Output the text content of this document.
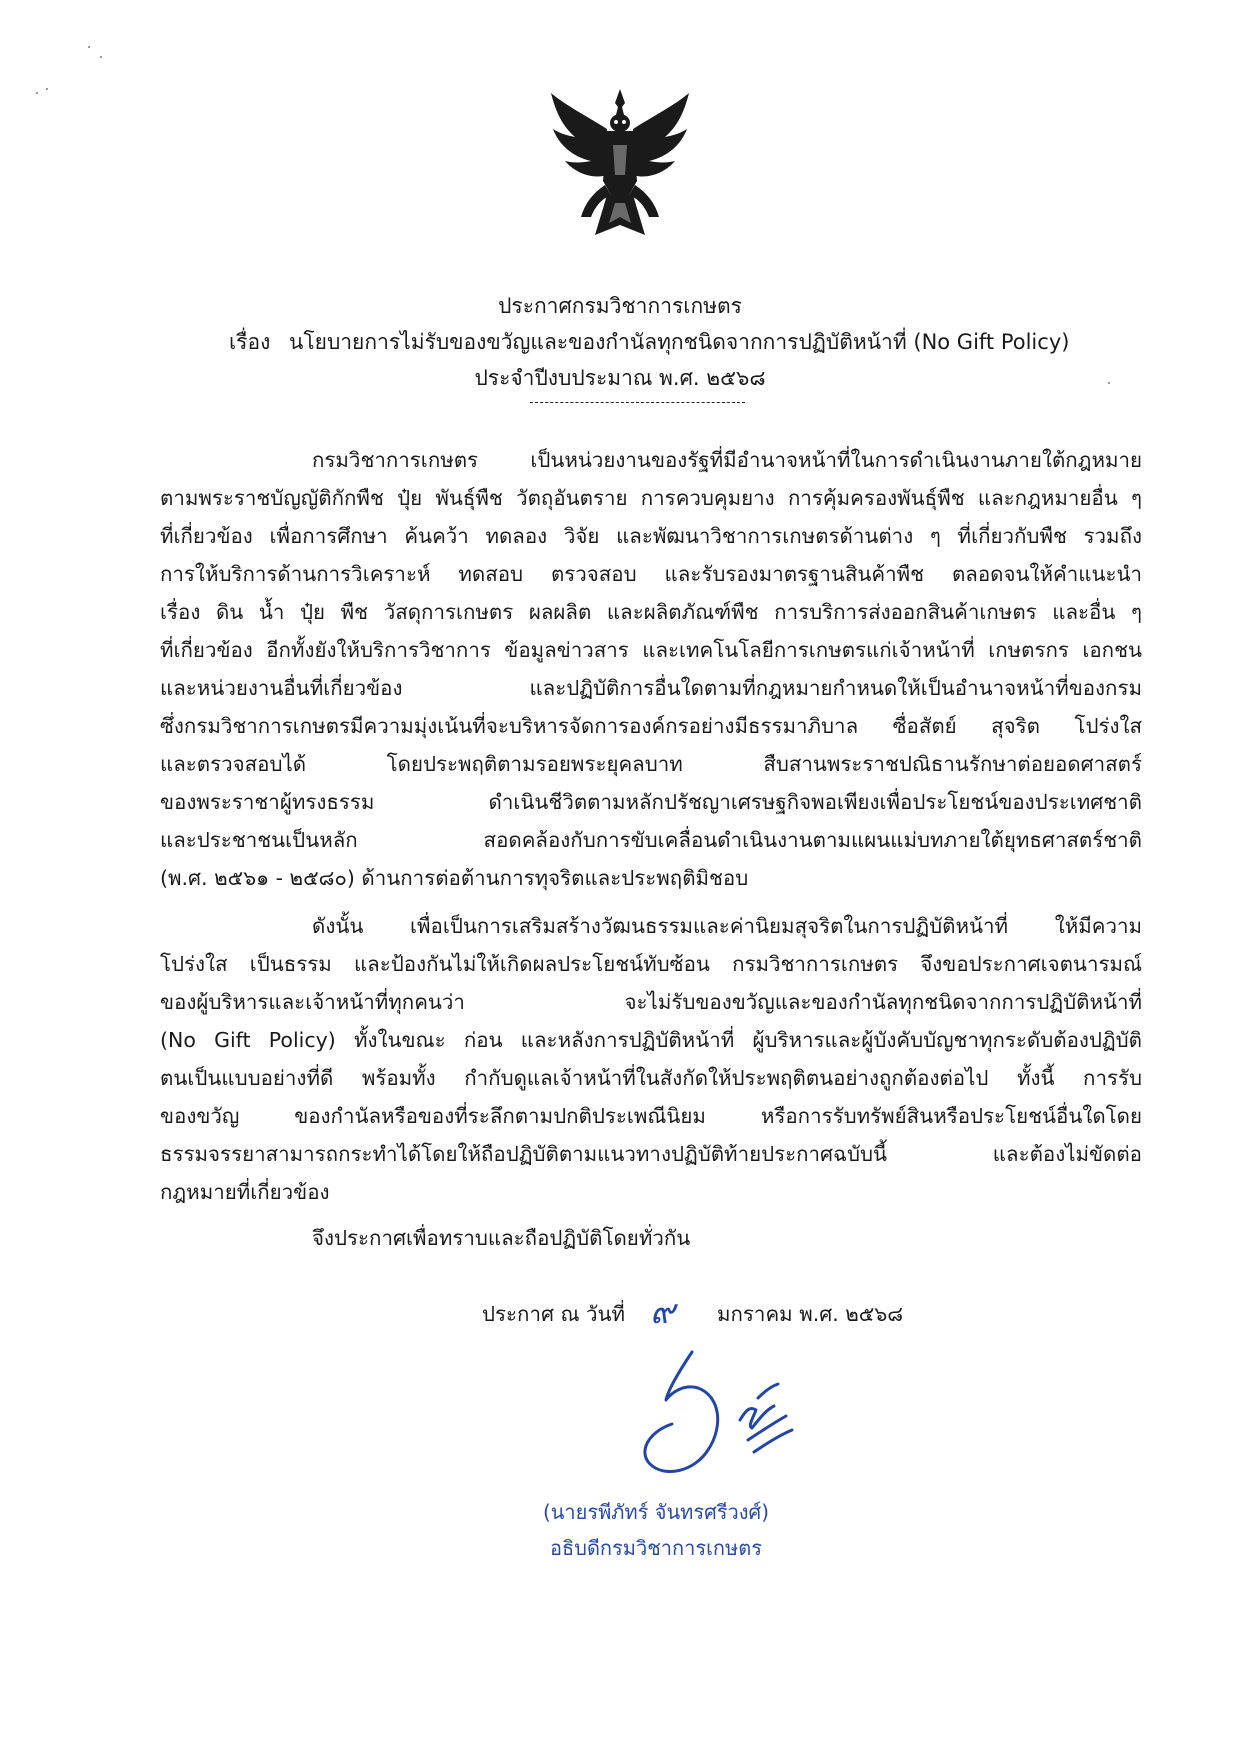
ประกาศกรมวิชาการเกษตร
เรื่อง นโยบายการไม่รับของขวัญและของกำนัลทุกชนิดจากการปฏิบัติหน้าที่ (No Gift Policy)
ประจำปีงบประมาณ พ.ศ. ๒๕๖๘
กรมวิชาการเกษตร เป็นหน่วยงานของรัฐที่มีอำนาจหน้าที่ในการดำเนินงานภายใต้กฎหมาย
ตามพระราชบัญญัติกักพืช ปุ๋ย พันธุ์พืช วัตถุอันตราย การควบคุมยาง การคุ้มครองพันธุ์พืช และกฎหมายอื่น ๆ
ที่เกี่ยวข้อง เพื่อการศึกษา ค้นคว้า ทดลอง วิจัย และพัฒนาวิชาการเกษตรด้านต่าง ๆ ที่เกี่ยวกับพืช รวมถึง
การให้บริการด้านการวิเคราะห์ ทดสอบ ตรวจสอบ และรับรองมาตรฐานสินค้าพืช ตลอดจนให้คำแนะนำ
เรื่อง ดิน น้ำ ปุ๋ย พืช วัสดุการเกษตร ผลผลิต และผลิตภัณฑ์พืช การบริการส่งออกสินค้าเกษตร และอื่น ๆ
ที่เกี่ยวข้อง อีกทั้งยังให้บริการวิชาการ ข้อมูลข่าวสาร และเทคโนโลยีการเกษตรแก่เจ้าหน้าที่ เกษตรกร เอกชน
และหน่วยงานอื่นที่เกี่ยวข้อง และปฏิบัติการอื่นใดตามที่กฎหมายกำหนดให้เป็นอำนาจหน้าที่ของกรม
ซึ่งกรมวิชาการเกษตรมีความมุ่งเน้นที่จะบริหารจัดการองค์กรอย่างมีธรรมาภิบาล ซื่อสัตย์ สุจริต โปร่งใส
และตรวจสอบได้ โดยประพฤติตามรอยพระยุคลบาท สืบสานพระราชปณิธานรักษาต่อยอดศาสตร์
ของพระราชาผู้ทรงธรรม ดำเนินชีวิตตามหลักปรัชญาเศรษฐกิจพอเพียงเพื่อประโยชน์ของประเทศชาติ
และประชาชนเป็นหลัก สอดคล้องกับการขับเคลื่อนดำเนินงานตามแผนแม่บทภายใต้ยุทธศาสตร์ชาติ
(พ.ศ. ๒๕๖๑ - ๒๕๘๐) ด้านการต่อต้านการทุจริตและประพฤติมิชอบ
ดังนั้น เพื่อเป็นการเสริมสร้างวัฒนธรรมและค่านิยมสุจริตในการปฏิบัติหน้าที่ ให้มีความ
โปร่งใส เป็นธรรม และป้องกันไม่ให้เกิดผลประโยชน์ทับซ้อน กรมวิชาการเกษตร จึงขอประกาศเจตนารมณ์
ของผู้บริหารและเจ้าหน้าที่ทุกคนว่า จะไม่รับของขวัญและของกำนัลทุกชนิดจากการปฏิบัติหน้าที่
(No Gift Policy) ทั้งในขณะ ก่อน และหลังการปฏิบัติหน้าที่ ผู้บริหารและผู้บังคับบัญชาทุกระดับต้องปฏิบัติ
ตนเป็นแบบอย่างที่ดี พร้อมทั้ง กำกับดูแลเจ้าหน้าที่ในสังกัดให้ประพฤติตนอย่างถูกต้องต่อไป ทั้งนี้ การรับ
ของขวัญ ของกำนัลหรือของที่ระลึกตามปกติประเพณีนิยม หรือการรับทรัพย์สินหรือประโยชน์อื่นใดโดย
ธรรมจรรยาสามารถกระทำได้โดยให้ถือปฏิบัติตามแนวทางปฏิบัติท้ายประกาศฉบับนี้ และต้องไม่ขัดต่อ
กฎหมายที่เกี่ยวข้อง
จึงประกาศเพื่อทราบและถือปฏิบัติโดยทั่วกัน
ประกาศ ณ วันที่ ๙ มกราคม พ.ศ. ๒๕๖๘
(นายรพีภัทร์ จันทรศรีวงศ์)
อธิบดีกรมวิชาการเกษตร
